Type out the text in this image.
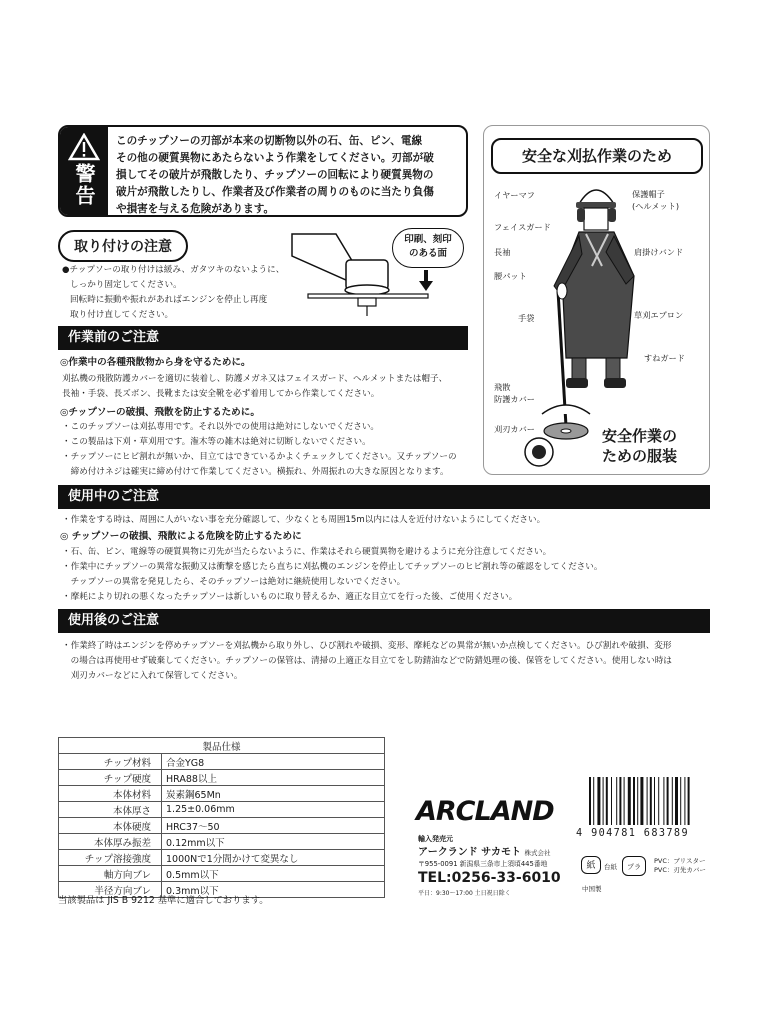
警告
このチップソーの刃部が本来の切断物以外の石、缶、ピン、電線
その他の硬質異物にあたらないよう作業をしてください。刃部が破
損してその破片が飛散したり、チップソーの回転により硬質異物の
破片が飛散したりし、作業者及び作業者の周りのものに当たり負傷
や損害を与える危険があります。
取り付けの注意
●チップソーの取り付けは緩み、ガタツキのないように、
しっかり固定してください。
回転時に振動や振れがあればエンジンを停止し再度
取り付け直してください。
印刷、刻印
のある面
作業前のご注意
◎作業中の各種飛散物から身を守るために。
刈払機の飛散防護カバーを適切に装着し、防護メガネ又はフェイスガード、ヘルメットまたは帽子、
長袖・手袋、長ズボン、長靴または安全靴を必ず着用してから作業してください。
◎チップソーの破損、飛散を防止するために。
・このチップソーは刈払専用です。それ以外での使用は絶対にしないでください。
・この製品は下刈・草刈用です。潅木等の雑木は絶対に切断しないでください。
・チップソーにヒビ割れが無いか、目立てはできているかよくチェックしてください。又チップソーの
　締め付けネジは確実に締め付けて作業してください。横振れ、外周振れの大きな原因となります。
安全な刈払作業のため
イヤーマフ	保護帽子
(ヘルメット)
フェイスガード
長袖	肩掛けバンド
腰パット
草刈エプロン
手袋
すねガード
飛散
防護カバー
刈刃カバー	安全作業の
ための服装
使用中のご注意
・作業をする時は、周囲に人がいない事を充分確認して、少なくとも周囲15m以内には人を近付けないようにしてください。
◎ チップソーの破損、飛散による危険を防止するために
・石、缶、ピン、電線等の硬質異物に刃先が当たらないように、作業はそれら硬質異物を避けるように充分注意してください。
・作業中にチップソーの異常な振動又は衝撃を感じたら直ちに刈払機のエンジンを停止してチップソーのヒビ割れ等の確認をしてください。
　チップソーの異常を発見したら、そのチップソーは絶対に継続使用しないでください。
・摩耗により切れの悪くなったチップソーは新しいものに取り替えるか、適正な目立てを行った後、ご使用ください。
使用後のご注意
・作業終了時はエンジンを停めチップソーを刈払機から取り外し、ひび割れや破損、変形、摩耗などの異常が無いか点検してください。ひび割れや破損、変形
　の場合は再使用せず破棄してください。チップソーの保管は、清掃の上適正な目立てをし防錆油などで防錆処理の後、保管をしてください。使用しない時は
　刈刃カバーなどに入れて保管してください。
製品仕様	
チップ材料	合金YG8
チップ硬度	HRA88以上
本体材料	炭素鋼65Mn
本体厚さ	1.25±0.06mm
本体硬度	HRC37～50
本体厚み振差	0.12mm以下
チップ溶接強度	1000Nで1分間かけて変異なし
軸方向ブレ	0.5mm以下
半径方向ブレ	0.3mm以下
当該製品は JIS B 9212 基準に適合しております。
ARCLAND
輸入発売元
アークランド サカモト 株式会社
〒955-0091 新潟県三条市上須頃445番地
TEL:0256-33-6010
平日：9:30〜17:00 土日祝日除く
4 904781 683789
紙	台紙	プラ
PVC：ブリスター
PVC：刃先カバー
中国製
